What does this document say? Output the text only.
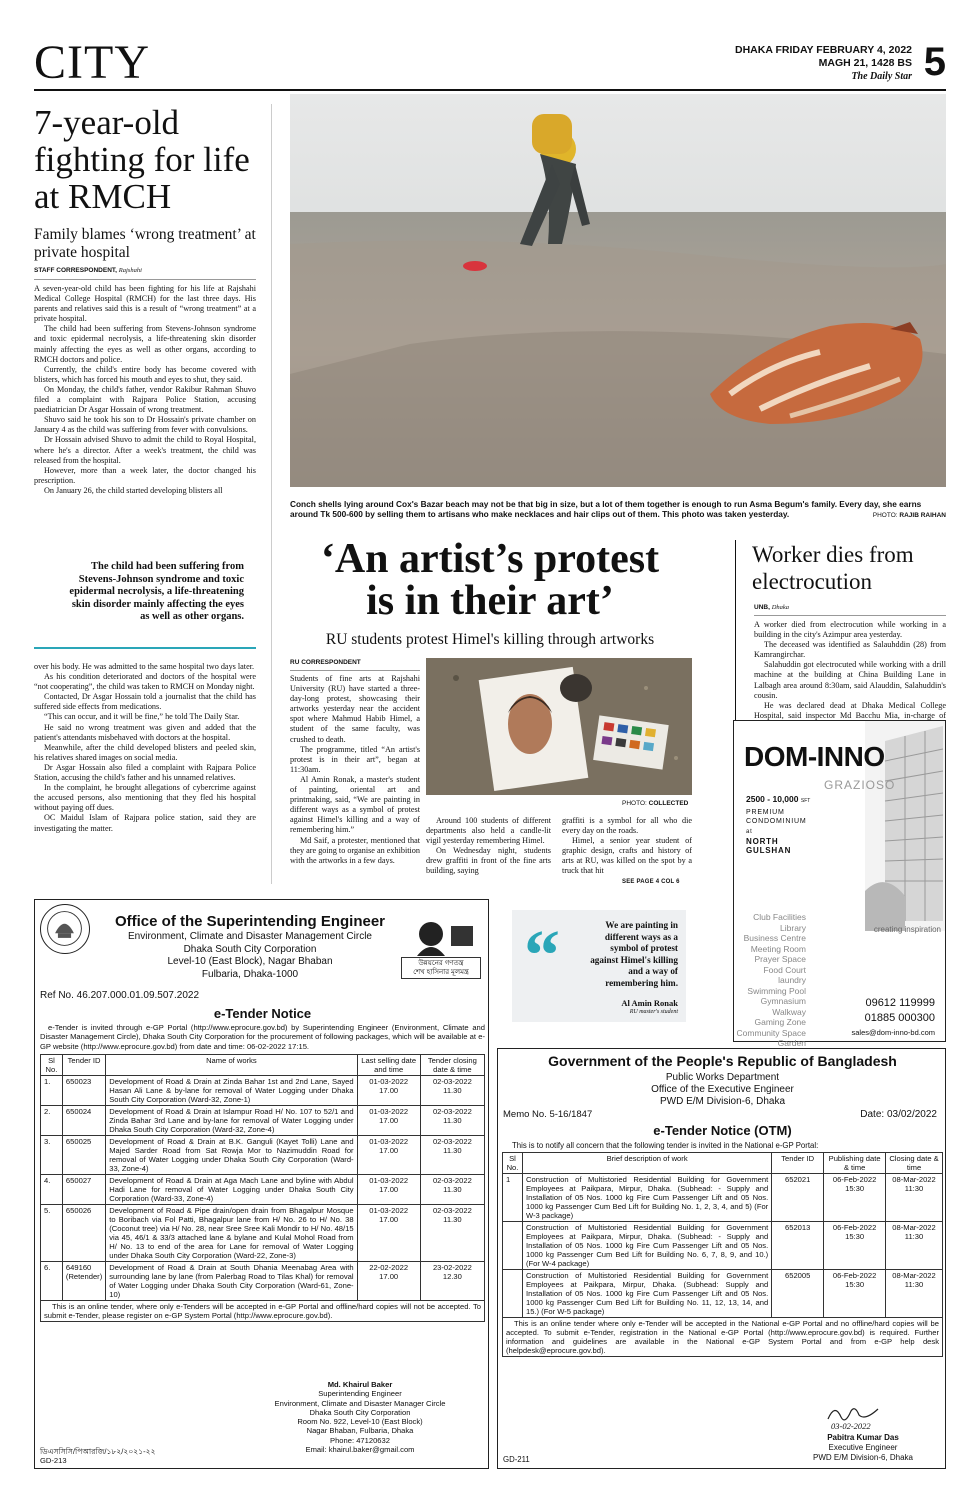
CITY	DHAKA FRIDAY FEBRUARY 4, 2022
MAGH 21, 1428 BS
The Daily Star 5
7-year-old fighting for life at RMCH
Family blames ‘wrong treatment’ at private hospital
STAFF CORRESPONDENT, Rajshahi

A seven-year-old child has been fighting for his life at Rajshahi Medical College Hospital (RMCH) for the last three days. His parents and relatives said this is a result of “wrong treatment” at a private hospital.

The child had been suffering from Stevens-Johnson syndrome and toxic epidermal necrolysis, a life-threatening skin disorder mainly affecting the eyes as well as other organs, according to RMCH doctors and police.

Currently, the child's entire body has become covered with blisters, which has forced his mouth and eyes to shut, they said.

On Monday, the child's father, vendor Rakibur Rahman Shuvo filed a complaint with Rajpara Police Station, accusing paediatrician Dr Asgar Hossain of wrong treatment.

Shuvo said he took his son to Dr Hossain's private chamber on January 4 as the child was suffering from fever with convulsions.

Dr Hossain advised Shuvo to admit the child to Royal Hospital, where he's a director. After a week's treatment, the child was released from the hospital.

However, more than a week later, the doctor changed his prescription.

On January 26, the child started developing blisters all

The child had been suffering from Stevens-Johnson syndrome and toxic epidermal necrolysis, a life-threatening skin disorder mainly affecting the eyes as well as other organs.

over his body. He was admitted to the same hospital two days later.

As his condition deteriorated and doctors of the hospital were “not cooperating”, the child was taken to RMCH on Monday night.

Contacted, Dr Asgar Hossain told a journalist that the child has suffered side effects from medications.

“This can occur, and it will be fine,” he told The Daily Star.

He said no wrong treatment was given and added that the patient's attendants misbehaved with doctors at the hospital.

Meanwhile, after the child developed blisters and peeled skin, his relatives shared images on social media.

Dr Asgar Hossain also filed a complaint with Rajpara Police Station, accusing the child's father and his unnamed relatives.

In the complaint, he brought allegations of cybercrime against the accused persons, also mentioning that they fled his hospital without paying off dues.

OC Maidul Islam of Rajpara police station, said they are investigating the matter.

Conch shells lying around Cox's Bazar beach may not be that big in size, but a lot of them together is enough to run Asma Begum's family. Every day, she earns around Tk 500-600 by selling them to artisans who make necklaces and hair clips out of them. This photo was taken yesterday.	PHOTO: RAJIB RAIHAN
‘An artist’s protest
is in their art’
RU students protest Himel's killing through artworks
RU CORRESPONDENT

Students of fine arts at Rajshahi University (RU) have started a three-day-long protest, showcasing their artworks yesterday near the accident spot where Mahmud Habib Himel, a student of the same faculty, was crushed to death.

The programme, titled “An artist's protest is in their art”, began at 11:30am.

Al Amin Ronak, a master's student of painting, oriental art and printmaking, said, “We are painting in different ways as a symbol of protest against Himel's killing and a way of remembering him.”

Md Saif, a protester, mentioned that they are going to organise an exhibition with the artworks in a few days.

PHOTO: COLLECTED

Around 100 students of different departments also held a candle-lit vigil yesterday remembering Himel.

On Wednesday night, students drew graffiti in front of the fine arts building, saying

graffiti is a symbol for all who die every day on the roads.

Himel, a senior year student of graphic design, crafts and history of arts at RU, was killed on the spot by a truck that hit

SEE PAGE 4 COL 6
Worker dies from electrocution
UNB, Dhaka

A worker died from electrocution while working in a building in the city's Azimpur area yesterday.

The deceased was identified as Salauhddin (28) from Kamrangirchar.

Salahuddin got electrocuted while working with a drill machine at the building at China Building Lane in Lalbagh area around 8:30am, said Alauddin, Salahuddin's cousin.

He was declared dead at Dhaka Medical College Hospital, said inspector Md Bacchu Mia, in-charge of

DOM-INNO
GRAZIOSO
2500 - 10,000 SFT
PREMIUM
CONDOMINIUM
at
NORTH
GULSHAN
Club Facilities
Library
Business Centre
Meeting Room
Prayer Space
Food Court
laundry
Swimming Pool
Gymnasium
Walkway
Gaming Zone
Community Space
Garden
creating inspiration
09612 119999
01885 000300
sales@dom-inno-bd.com
“	We are painting in different ways as a symbol of protest against Himel's killing and a way of remembering him.
Al Amin Ronak
RU master's student
Office of the Superintending Engineer
Environment, Climate and Disaster Management Circle
Dhaka South City Corporation
Level-10 (East Block), Nagar Bhaban
Fulbaria, Dhaka-1000
উন্নয়নের গণতন্ত্র
শেখ হাসিনার মূলমন্ত্র
Ref No. 46.207.000.01.09.507.2022
e-Tender Notice
e-Tender is invited through e-GP Portal (http://www.eprocure.gov.bd) by Superintending Engineer (Environment, Climate and Disaster Management Circle), Dhaka South City Corporation for the procurement of following packages, which will be available at e-GP website (http://www.eprocure.gov.bd) from date and time: 06-02-2022 17:15.
Sl No.	Tender ID	Name of works	Last selling date and time	Tender closing date & time
1.	650023	Development of Road & Drain at Zinda Bahar 1st and 2nd Lane, Sayed Hasan Ali Lane & by-lane for removal of Water Logging under Dhaka South City Corporation (Ward-32, Zone-1)	01-03-2022 17.00	02-03-2022 11.30
2.	650024	Development of Road & Drain at Islampur Road H/ No. 107 to 52/1 and Zinda Bahar 3rd Lane and by-lane for removal of Water Logging under Dhaka South City Corporation (Ward-32, Zone-4)	01-03-2022 17.00	02-03-2022 11.30
3.	650025	Development of Road & Drain at B.K. Ganguli (Kayet Tolli) Lane and Majed Sarder Road from Sat Rowja Mor to Nazimuddin Road for removal of Water Logging under Dhaka South City Corporation (Ward-33, Zone-4)	01-03-2022 17.00	02-03-2022 11.30
4.	650027	Development of Road & Drain at Aga Mach Lane and byline with Abdul Hadi Lane for removal of Water Logging under Dhaka South City Corporation (Ward-33, Zone-4)	01-03-2022 17.00	02-03-2022 11.30
5.	650026	Development of Road & Pipe drain/open drain from Bhagalpur Mosque to Boribach via Fol Patti, Bhagalpur lane from H/ No. 26 to H/ No. 38 (Coconut tree) via H/ No. 28, near Sree Sree Kali Mondir to H/ No. 48/15 via 45, 46/1 & 33/3 attached lane & bylane and Kulal Mohol Road from H/ No. 13 to end of the area for Lane for removal of Water Logging under Dhaka South City Corporation (Ward-22, Zone-3)	01-03-2022 17.00	02-03-2022 11.30
6.	649160 (Retender)	Development of Road & Drain at South Dhania Meenabag Area with surrounding lane by lane (from Palerbag Road to Tilas Khal) for removal of Water Logging under Dhaka South City Corporation (Ward-61, Zone-10)	22-02-2022 17.00	23-02-2022 12.30
This is an online tender, where only e-Tenders will be accepted in e-GP Portal and offline/hard copies will not be accepted. To submit e-Tender, please register on e-GP System Portal (http://www.eprocure.gov.bd).				
Md. Khairul Baker
Superintending Engineer
Environment, Climate and Disaster Manager Circle
Dhaka South City Corporation
Room No. 922, Level-10 (East Block)
Nagar Bhaban, Fulbaria, Dhaka
Phone: 47120632
Email: khairul.baker@gmail.com
ডিএসসিসি/পিআরজি/১৮২/২০২১-২২
GD-213
Government of the People's Republic of Bangladesh
Public Works Department
Office of the Executive Engineer
PWD E/M Division-6, Dhaka
Memo No. 5-16/1847	Date: 03/02/2022
e-Tender Notice (OTM)
This is to notify all concern that the following tender is invited in the National e-GP Portal:
Sl No.	Brief description of work	Tender ID	Publishing date & time	Closing date & time
1	Construction of Multistoried Residential Building for Government Employees at Paikpara, Mirpur, Dhaka. (Subhead: - Supply and Installation of 05 Nos. 1000 kg Fire Cum Passenger Lift and 05 Nos. 1000 kg Passenger Cum Bed Lift for Building No. 1, 2, 3, 4, and 5) (For W-3 package)	652021	06-Feb-2022 15:30	08-Mar-2022 11:30
	Construction of Multistoried Residential Building for Government Employees at Paikpara, Mirpur, Dhaka. (Subhead: - Supply and Installation of 05 Nos. 1000 kg Fire Cum Passenger Lift and 05 Nos. 1000 kg Passenger Cum Bed Lift for Building No. 6, 7, 8, 9, and 10.) (For W-4 package)	652013	06-Feb-2022 15:30	08-Mar-2022 11:30
	Construction of Multistoried Residential Building for Government Employees at Paikpara, Mirpur, Dhaka. (Subhead: Supply and Installation of 05 Nos. 1000 kg Fire Cum Passenger Lift and 05 Nos. 1000 kg Passenger Cum Bed Lift for Building No. 11, 12, 13, 14, and 15.) (For W-5 package)	652005	06-Feb-2022 15:30	08-Mar-2022 11:30
This is an online tender where only e-Tender will be accepted in the National e-GP Portal and no offline/hard copies will be accepted. To submit e-Tender, registration in the National e-GP Portal (http://www.eprocure.gov.bd) is required. Further information and guidelines are available in the National e-GP System Portal and from e-GP help desk (helpdesk@eprocure.gov.bd).				
03-02-2022
Pabitra Kumar Das
Executive Engineer
PWD E/M Division-6, Dhaka
GD-211
